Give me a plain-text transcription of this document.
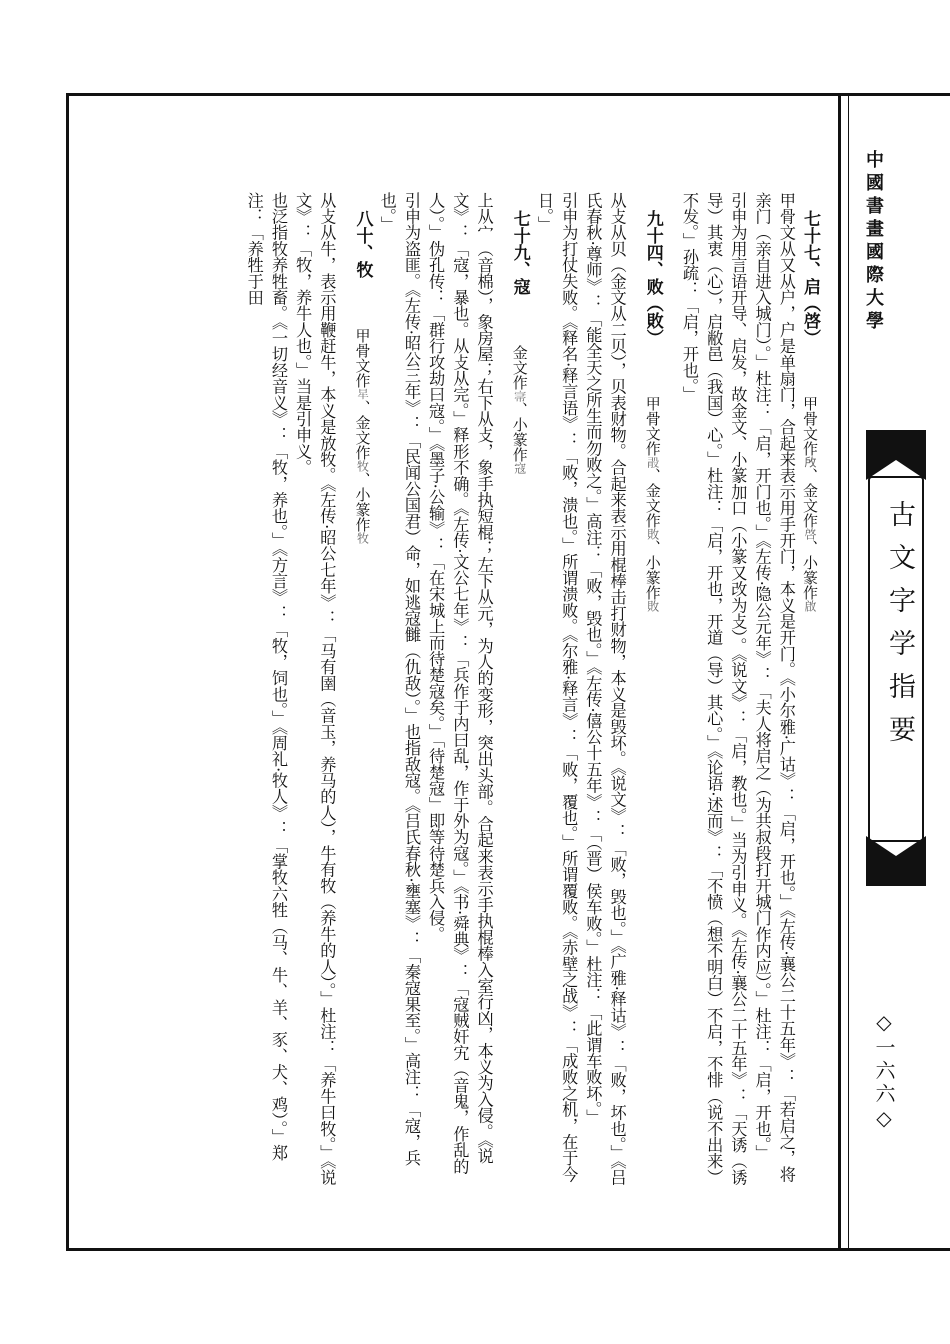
中國書畫國際大學
古文字学指要
◇一六六◇

七十七、启（啓） 　　甲骨文作𢼄、金文作啓、小篆作啟

甲骨文从又从户，户是单扇门，合起来表示用手开门，本义是开门。《小尔雅·广诂》：「启，开也。」《左传·襄公二十五年》：「若启之，将亲门（亲自进入城门）。」杜注：「启，开门也。」《左传·隐公元年》：「夫人将启之（为共叔段打开城门作内应）。」杜注：「启，开也。」

引申为用言语开导、启发，故金文、小篆加口（小篆又改为攴）。《说文》：「启，教也。」当为引申义。《左传·襄公二十五年》：「天诱（诱导）其衷（心），启敝邑（我国）心。」杜注：「启，开也，开道（导）其心。」《论语·述而》：「不愤（想不明白）不启，不悱（说不出来）不发。」孙疏：「启，开也。」

九十四、败（敗） 　　甲骨文作𣪏、金文作敗、小篆作敗

从攴从贝（金文从二贝），贝表财物。合起来表示用棍棒击打财物，本义是毁坏。《说文》：「败，毁也。」《广雅·释诂》：「败，坏也。」《吕氏春秋·尊师》：「能全天之所生而勿败之。」高注：「败，毁也。」《左传·僖公十五年》：「（晋）侯车败。」杜注：「此谓车败坏。」

引申为打仗失败。《释名·释言语》：「败，溃也。」所谓溃败。《尔雅·释言》：「败，覆也。」所谓覆败。《赤壁之战》：「成败之机，在于今日。」

七十九、寇 　　金文作𡨦、小篆作寇

上从宀（音棉），象房屋；右下从攴，象手执短棍；左下从元，为人的变形，突出头部。合起来表示手执棍棒入室行凶，本义为入侵。《说文》：「寇，暴也。从攴从完。」释形不确。《左传·文公七年》：「兵作于内曰乱，作于外为寇。」《书·舜典》：「寇贼奸宄（音鬼，作乱的人）。」伪孔传：「群行攻劫曰寇。」《墨子·公输》：「在宋城上而待楚寇矣。」「待楚寇」即等待楚兵入侵。

引申为盗匪。《左传·昭公三年》：「民闻公国君）命，如逃寇雠（仇敌）。」也指敌寇。《吕氏春秋·壅塞》：「秦寇果至。」高注：「寇，兵也。」

八十、牧 　　甲骨文作𤘵、金文作牧、小篆作牧

从攴从牛，表示用鞭赶牛，本义是放牧。《左传·昭公七年》：「马有圉（音玉，养马的人），牛有牧（养牛的人）。」杜注：「养牛曰牧。」《说文》：「牧，养牛人也。」当是引申义。

也泛指牧养牲畜。《一切经音义》：「牧，养也。」《方言》：「牧，饲也。」《周礼·牧人》：「掌牧六牲（马、牛、羊、豕、犬、鸡）。」郑注：「养牲于田
